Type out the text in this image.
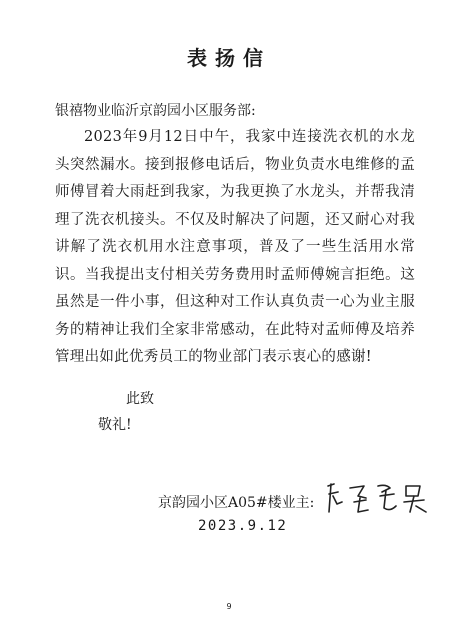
表扬信
银禧物业临沂京韵园小区服务部:

2023年9月12日中午，我家中连接洗衣机的水龙头突然漏水。接到报修电话后，物业负责水电维修的孟师傅冒着大雨赶到我家，为我更换了水龙头，并帮我清理了洗衣机接头。不仅及时解决了问题，还又耐心对我讲解了洗衣机用水注意事项，普及了一些生活用水常识。当我提出支付相关劳务费用时孟师傅婉言拒绝。这虽然是一件小事，但这种对工作认真负责一心为业主服务的精神让我们全家非常感动，在此特对孟师傅及培养管理出如此优秀员工的物业部门表示衷心的感谢!

此致
敬礼!
京韵园小区A05#楼业主:
2023.9.12
9
